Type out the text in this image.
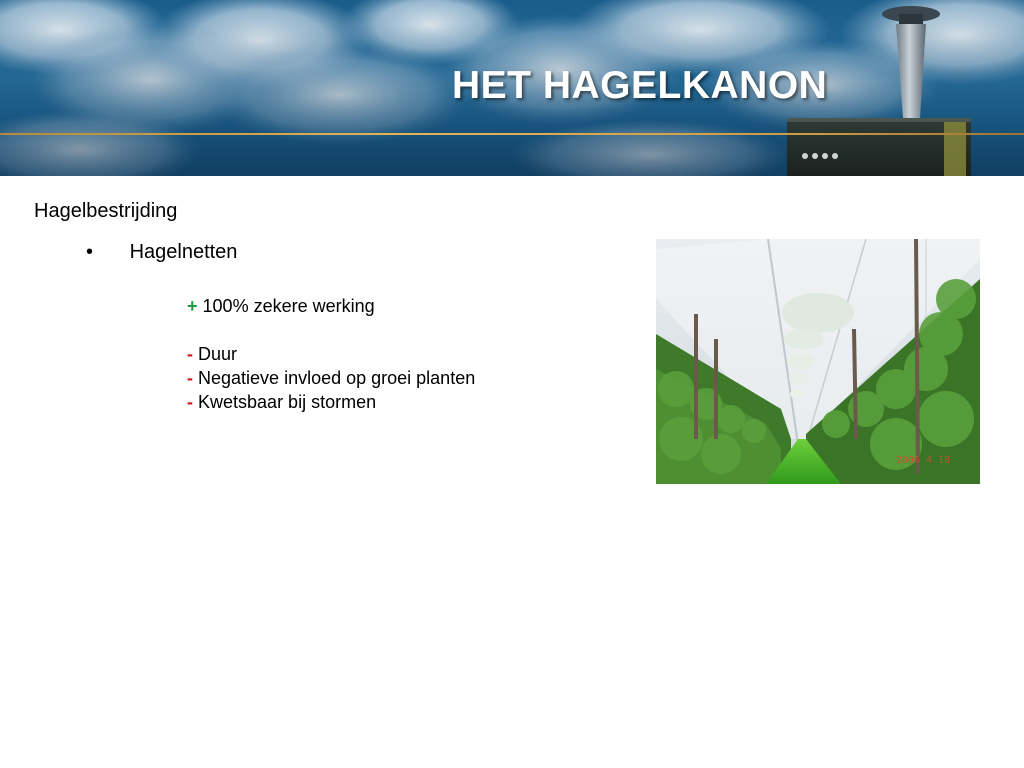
HET HAGELKANON
Hagelbestrijding
• Hagelnetten
+ 100% zekere werking
- Duur
- Negatieve invloed op groei planten
- Kwetsbaar bij stormen
2006 4 18
